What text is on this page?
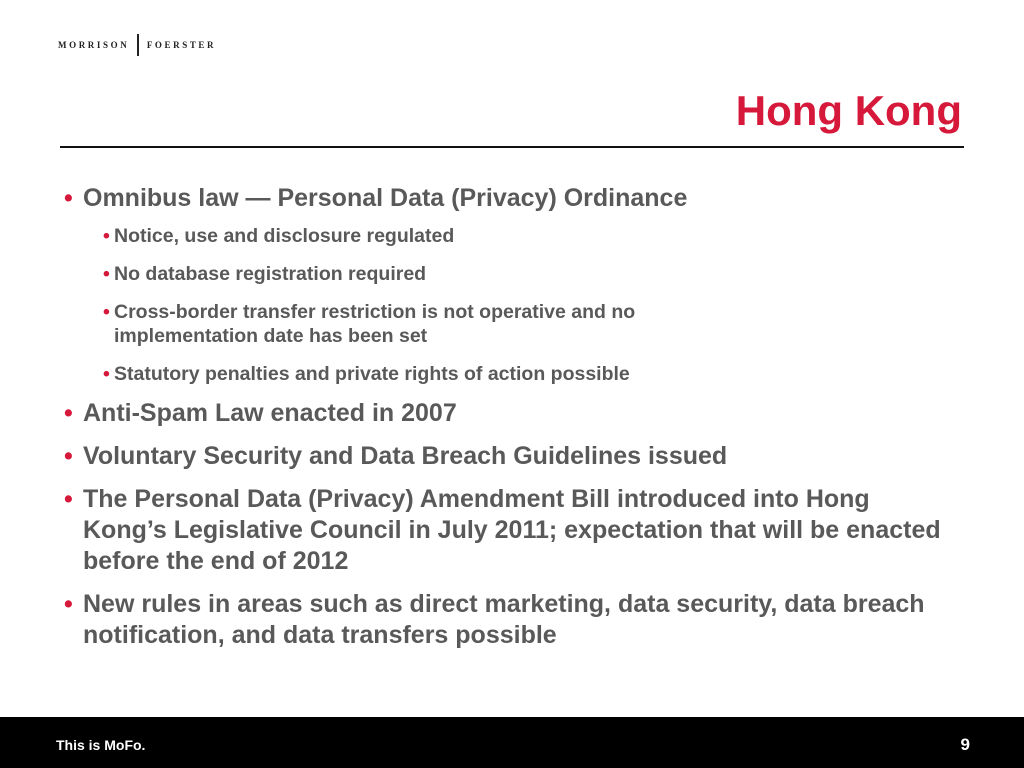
MORRISON FOERSTER
Hong Kong
• Omnibus law — Personal Data (Privacy) Ordinance
• Notice, use and disclosure regulated
• No database registration required
• Cross-border transfer restriction is not operative and no implementation date has been set
• Statutory penalties and private rights of action possible
• Anti-Spam Law enacted in 2007
• Voluntary Security and Data Breach Guidelines issued
• The Personal Data (Privacy) Amendment Bill introduced into Hong Kong’s Legislative Council in July 2011; expectation that will be enacted before the end of 2012
• New rules in areas such as direct marketing, data security, data breach notification, and data transfers possible
This is MoFo.	9
